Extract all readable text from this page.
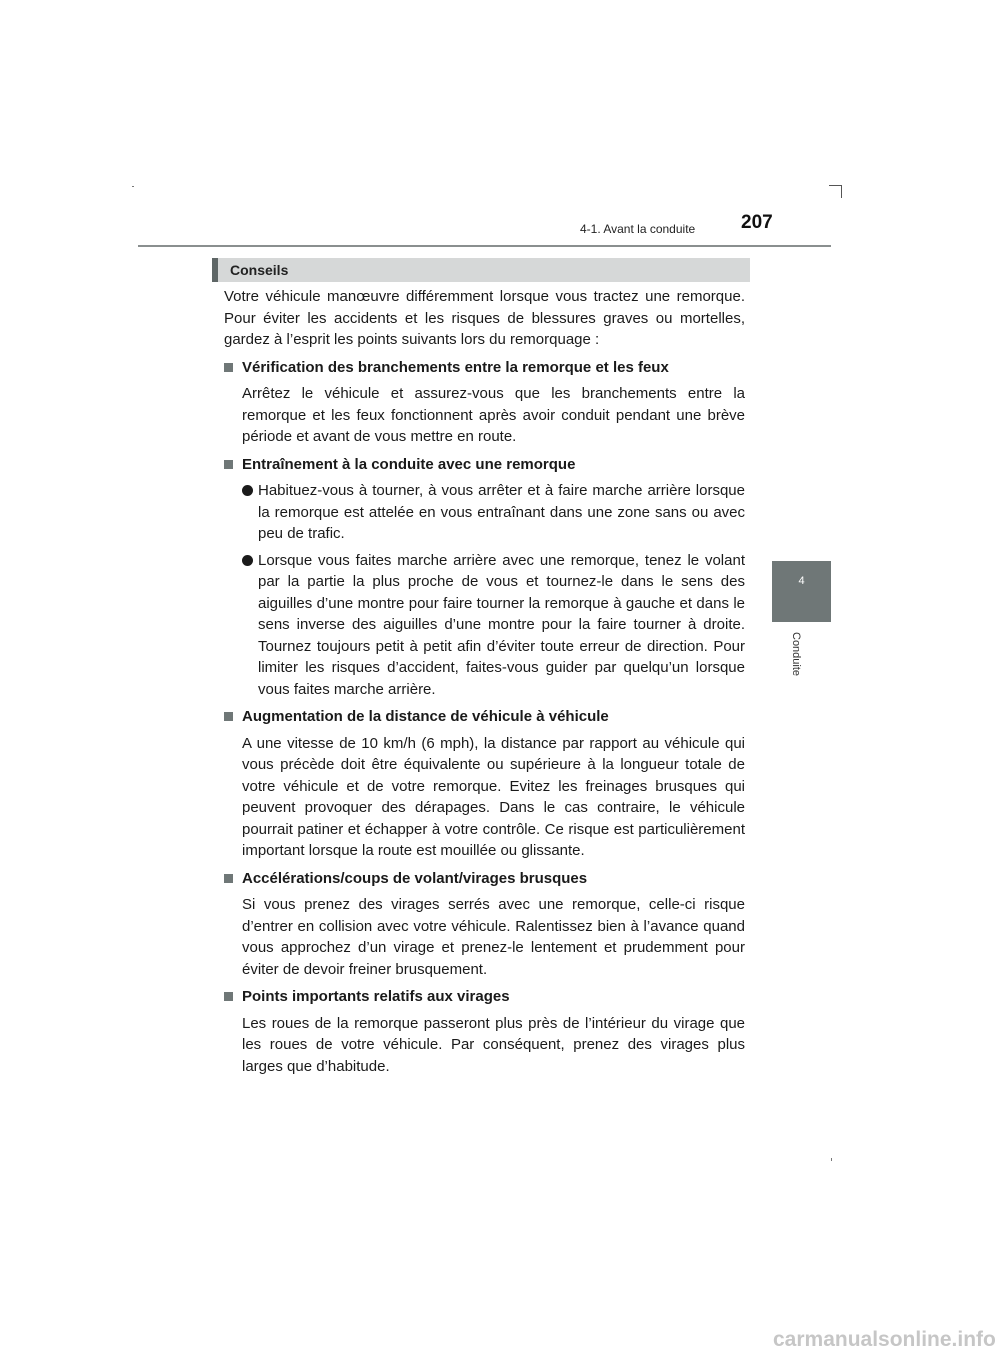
4-1. Avant la conduite 207
4
Conduite
Conseils

Votre véhicule manœuvre différemment lorsque vous tractez une remorque. Pour éviter les accidents et les risques de blessures graves ou mortelles, gardez à l’esprit les points suivants lors du remorquage :

Vérification des branchements entre la remorque et les feux

Arrêtez le véhicule et assurez-vous que les branchements entre la remorque et les feux fonctionnent après avoir conduit pendant une brève période et avant de vous mettre en route.

Entraînement à la conduite avec une remorque

Habituez-vous à tourner, à vous arrêter et à faire marche arrière lorsque la remorque est attelée en vous entraînant dans une zone sans ou avec peu de trafic.

Lorsque vous faites marche arrière avec une remorque, tenez le volant par la partie la plus proche de vous et tournez-le dans le sens des aiguilles d’une montre pour faire tourner la remorque à gauche et dans le sens inverse des aiguilles d’une montre pour la faire tourner à droite. Tournez toujours petit à petit afin d’éviter toute erreur de direction. Pour limiter les risques d’accident, faites-vous guider par quelqu’un lorsque vous faites marche arrière.

Augmentation de la distance de véhicule à véhicule

A une vitesse de 10 km/h (6 mph), la distance par rapport au véhicule qui vous précède doit être équivalente ou supérieure à la longueur totale de votre véhicule et de votre remorque. Evitez les freinages brusques qui peuvent provoquer des dérapages. Dans le cas contraire, le véhicule pourrait patiner et échapper à votre contrôle. Ce risque est particulièrement important lorsque la route est mouillée ou glissante.

Accélérations/coups de volant/virages brusques

Si vous prenez des virages serrés avec une remorque, celle-ci risque d’entrer en collision avec votre véhicule. Ralentissez bien à l’avance quand vous approchez d’un virage et prenez-le lentement et prudemment pour éviter de devoir freiner brusquement.

Points importants relatifs aux virages

Les roues de la remorque passeront plus près de l’intérieur du virage que les roues de votre véhicule. Par conséquent, prenez des virages plus larges que d’habitude.

carmanualsonline.info
